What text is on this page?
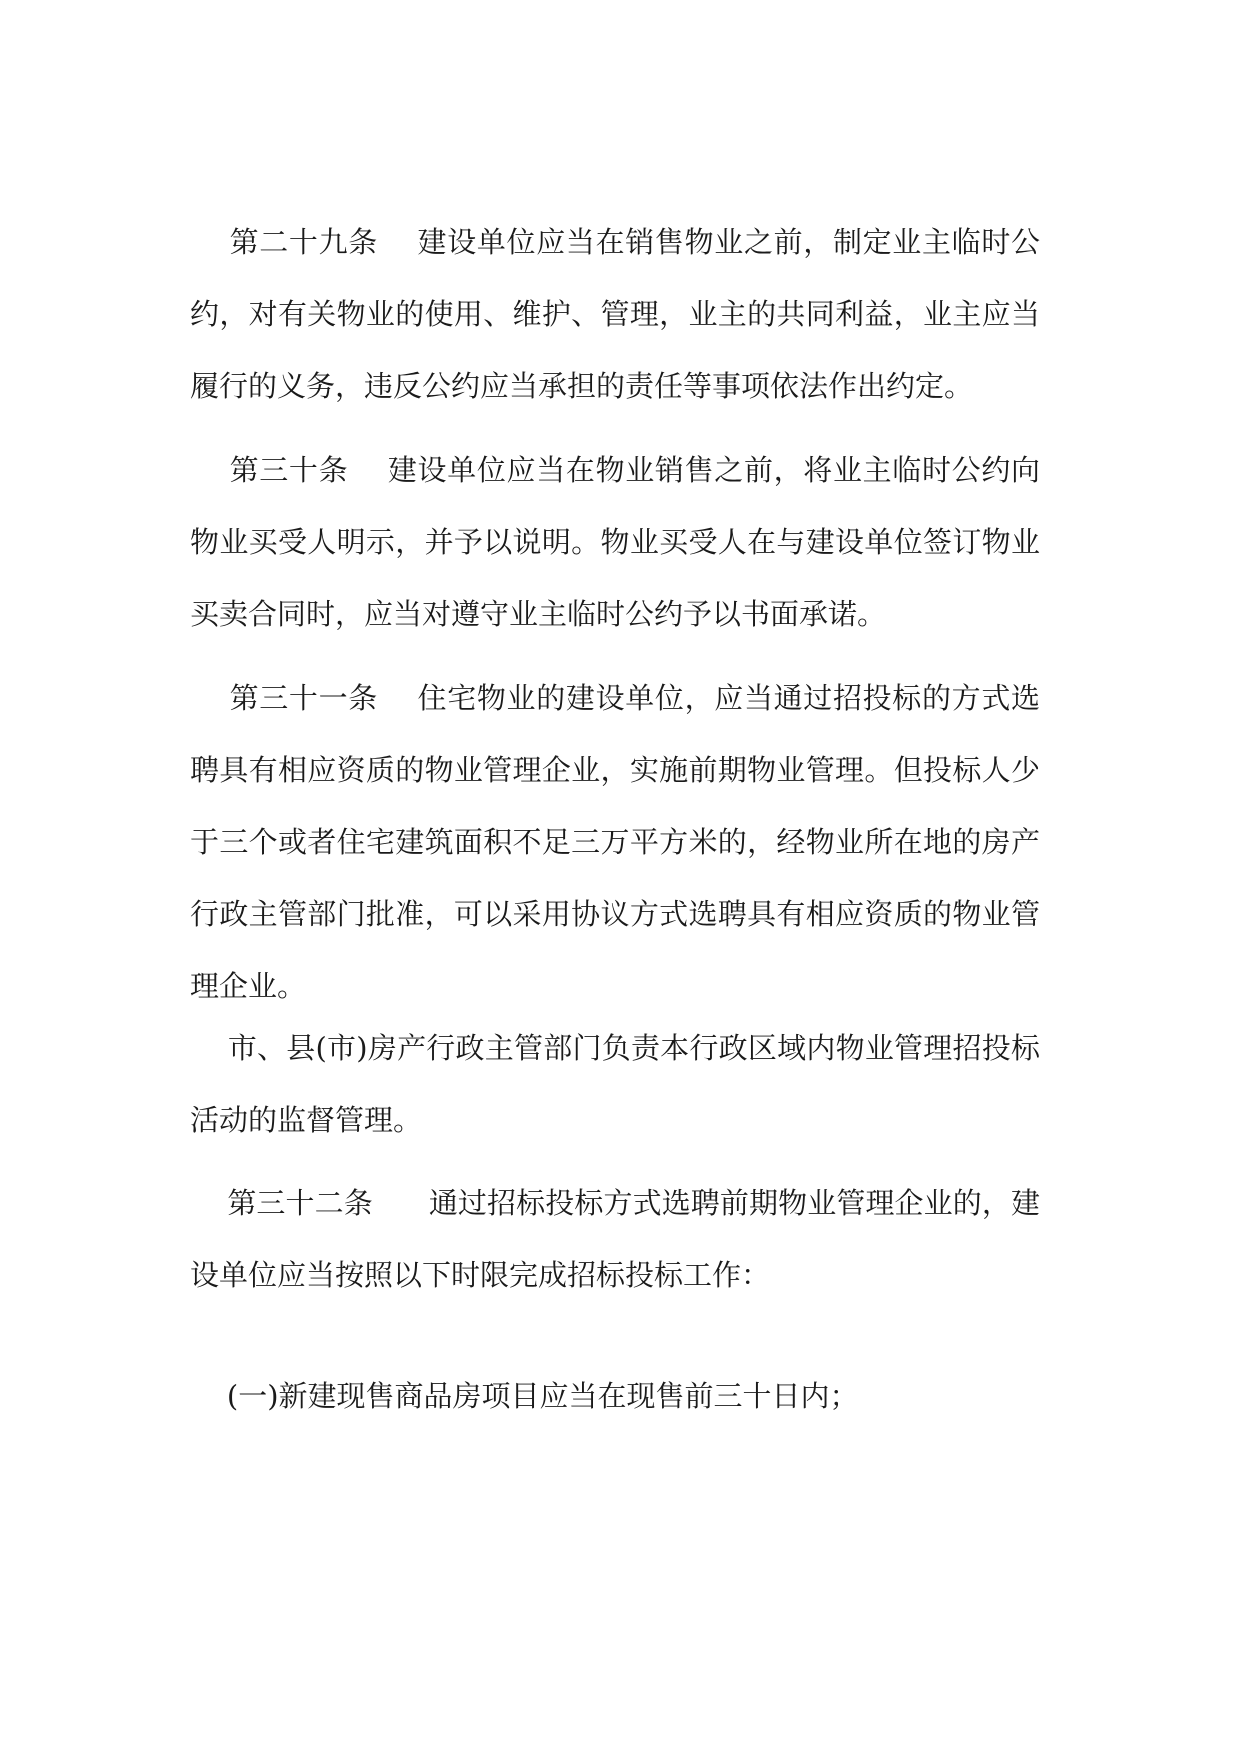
第二十九条 建设单位应当在销售物业之前，制定业主临时公约，对有关物业的使用、维护、管理，业主的共同利益，业主应当履行的义务，违反公约应当承担的责任等事项依法作出约定。

第三十条 建设单位应当在物业销售之前，将业主临时公约向物业买受人明示，并予以说明。物业买受人在与建设单位签订物业买卖合同时，应当对遵守业主临时公约予以书面承诺。

第三十一条 住宅物业的建设单位，应当通过招投标的方式选聘具有相应资质的物业管理企业，实施前期物业管理。但投标人少于三个或者住宅建筑面积不足三万平方米的，经物业所在地的房产行政主管部门批准，可以采用协议方式选聘具有相应资质的物业管理企业。

市、县(市)房产行政主管部门负责本行政区域内物业管理招投标活动的监督管理。

第三十二条 通过招标投标方式选聘前期物业管理企业的，建设单位应当按照以下时限完成招标投标工作：

(一)新建现售商品房项目应当在现售前三十日内；
